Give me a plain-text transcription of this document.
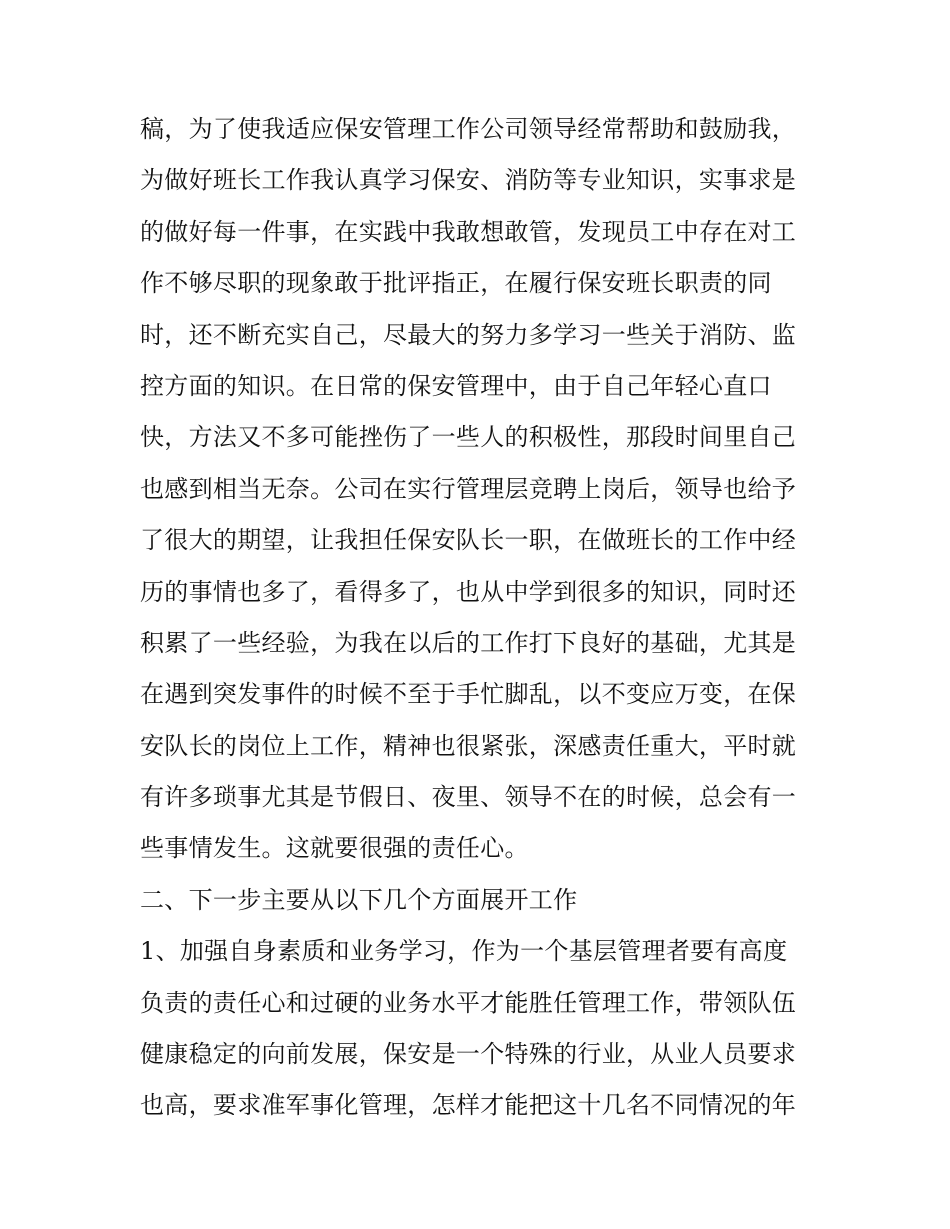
稿，为了使我适应保安管理工作公司领导经常帮助和鼓励我，
为做好班长工作我认真学习保安、消防等专业知识，实事求是
的做好每一件事，在实践中我敢想敢管，发现员工中存在对工
作不够尽职的现象敢于批评指正，在履行保安班长职责的同
时，还不断充实自己，尽最大的努力多学习一些关于消防、监
控方面的知识。在日常的保安管理中，由于自己年轻心直口
快，方法又不多可能挫伤了一些人的积极性，那段时间里自己
也感到相当无奈。公司在实行管理层竞聘上岗后，领导也给予
了很大的期望，让我担任保安队长一职，在做班长的工作中经
历的事情也多了，看得多了，也从中学到很多的知识，同时还
积累了一些经验，为我在以后的工作打下良好的基础，尤其是
在遇到突发事件的时候不至于手忙脚乱，以不变应万变，在保
安队长的岗位上工作，精神也很紧张，深感责任重大，平时就
有许多琐事尤其是节假日、夜里、领导不在的时候，总会有一
些事情发生。这就要很强的责任心。
二、下一步主要从以下几个方面展开工作
1、加强自身素质和业务学习，作为一个基层管理者要有高度
负责的责任心和过硬的业务水平才能胜任管理工作，带领队伍
健康稳定的向前发展，保安是一个特殊的行业，从业人员要求
也高，要求准军事化管理，怎样才能把这十几名不同情况的年
